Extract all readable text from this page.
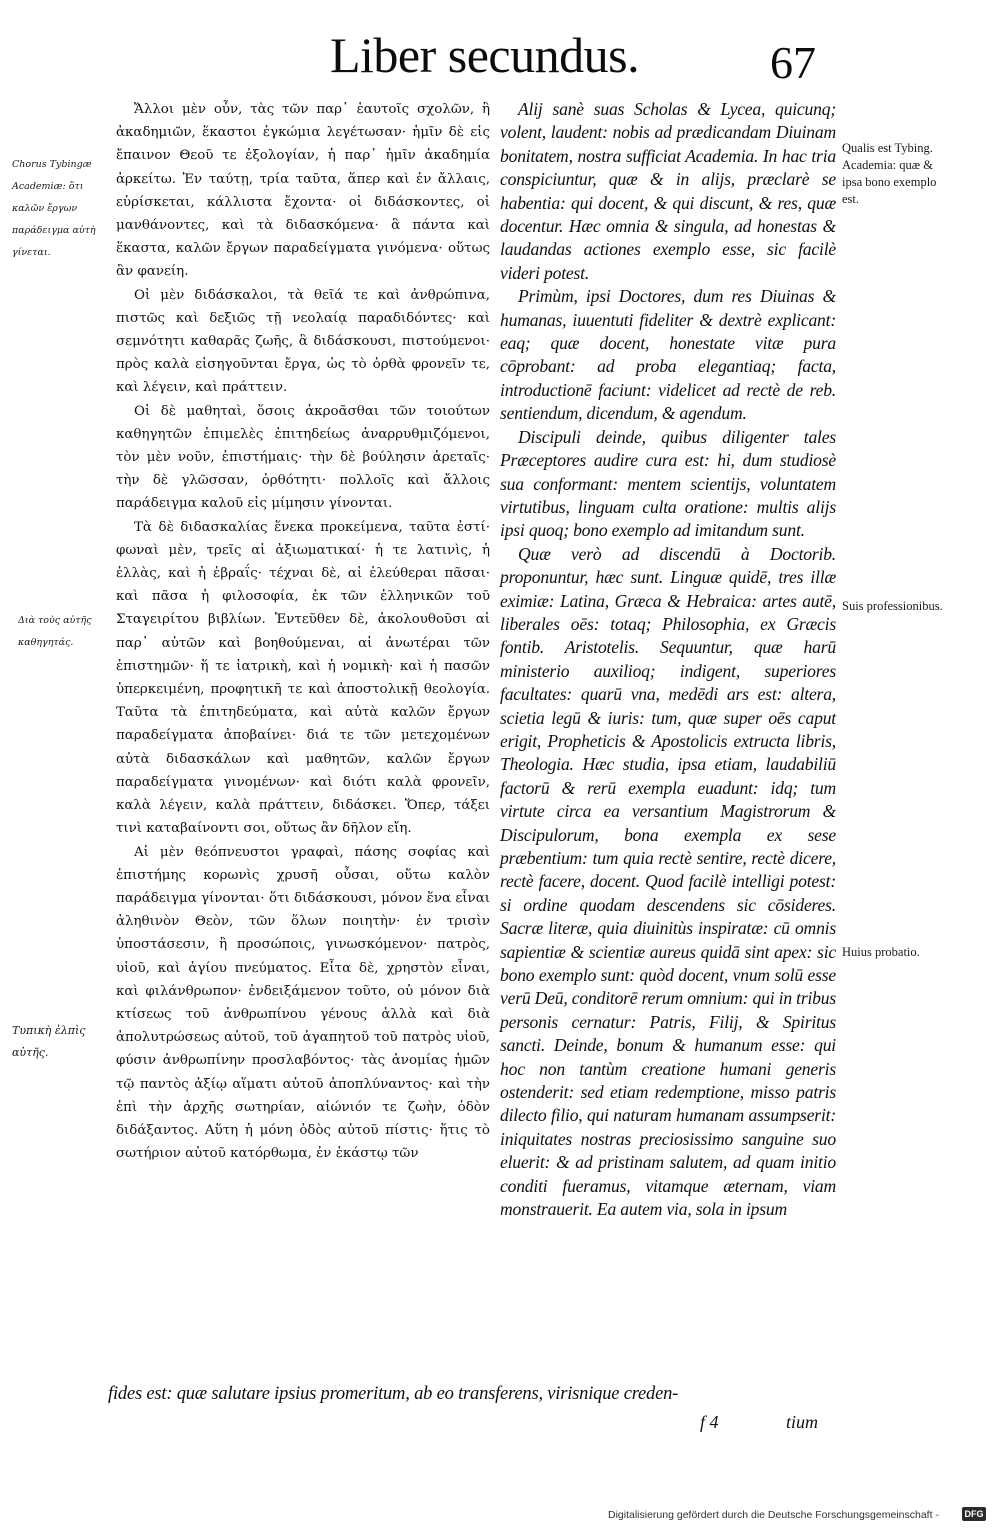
Liber secundus.	67

Ἄλλοι μὲν οὖν, τὰς τῶν παρ᾽ ἑαυτοῖς σχολῶν, ἢ ἀκαδημιῶν, ἕκαστοι ἐγκώμια λεγέτωσαν· ἡμῖν δὲ εἰς ἔπαινον Θεοῦ τε ἐξολογίαν, ἡ παρ᾽ ἡμῖν ἀκαδημία ἀρκείτω. Ἐν ταύτῃ, τρία ταῦτα, ἅπερ καὶ ἐν ἄλλαις, εὑρίσκεται, κάλλιστα ἔχοντα· οἱ διδάσκοντες, οἱ μανθάνοντες, καὶ τὰ διδασκόμενα· ἃ πάντα καὶ ἕκαστα, καλῶν ἔργων παραδείγματα γινόμενα· οὕτως ἂν φανείη.

Οἱ μὲν διδάσκαλοι, τὰ θεῖά τε καὶ ἀνθρώπινα, πιστῶς καὶ δεξιῶς τῇ νεολαίᾳ παραδιδόντες· καὶ σεμνότητι καθαρᾶς ζωῆς, ἃ διδάσκουσι, πιστούμενοι· πρὸς καλὰ εἰσηγοῦνται ἔργα, ὡς τὸ ὀρθὰ φρονεῖν τε, καὶ λέγειν, καὶ πράττειν.

Οἱ δὲ μαθηταὶ, ὅσοις ἀκροᾶσθαι τῶν τοιούτων καθηγητῶν ἐπιμελὲς ἐπιτηδείως ἀναρρυθμιζόμενοι, τὸν μὲν νοῦν, ἐπιστήμαις· τὴν δὲ βούλησιν ἀρεταῖς· τὴν δὲ γλῶσσαν, ὀρθότητι· πολλοῖς καὶ ἄλλοις παράδειγμα καλοῦ εἰς μίμησιν γίνονται.

Τὰ δὲ διδασκαλίας ἕνεκα προκείμενα, ταῦτα ἐστί· φωναὶ μὲν, τρεῖς αἱ ἀξιωματικαί· ἡ τε λατινὶς, ἡ ἑλλὰς, καὶ ἡ ἑβραΐς· τέχναι δὲ, αἱ ἐλεύθεραι πᾶσαι· καὶ πᾶσα ἡ φιλοσοφία, ἐκ τῶν ἑλληνικῶν τοῦ Σταγειρίτου βιβλίων. Ἐντεῦθεν δὲ, ἀκολουθοῦσι αἱ παρ᾽ αὐτῶν καὶ βοηθούμεναι, αἱ ἀνωτέραι τῶν ἐπιστημῶν· ἥ τε ἰατρικὴ, καὶ ἡ νομικὴ· καὶ ἡ πασῶν ὑπερκειμένη, προφητικῆ τε καὶ ἀποστολικῇ θεολογία. Ταῦτα τὰ ἐπιτηδεύματα, καὶ αὐτὰ καλῶν ἔργων παραδείγματα ἀποβαίνει· διά τε τῶν μετεχομένων αὐτὰ διδασκάλων καὶ μαθητῶν, καλῶν ἔργων παραδείγματα γινομένων· καὶ διότι καλὰ φρονεῖν, καλὰ λέγειν, καλὰ πράττειν, διδάσκει. Ὅπερ, τάξει τινὶ καταβαίνοντι σοι, οὕτως ἂν δῆλον εἴη.

Αἱ μὲν θεόπνευστοι γραφαὶ, πάσης σοφίας καὶ ἐπιστήμης κορωνὶς χρυσῆ οὖσαι, οὕτω καλὸν παράδειγμα γίνονται· ὅτι διδάσκουσι, μόνον ἕνα εἶναι ἀληθινὸν Θεὸν, τῶν ὅλων ποιητὴν· ἐν τρισὶν ὑποστάσεσιν, ἢ προσώποις, γινωσκόμενον· πατρὸς, υἱοῦ, καὶ ἁγίου πνεύματος. Εἶτα δὲ, χρηστὸν εἶναι, καὶ φιλάνθρωπον· ἐνδειξάμενον τοῦτο, οὐ μόνον διὰ κτίσεως τοῦ ἀνθρωπίνου γένους ἀλλὰ καὶ διὰ ἀπολυτρώσεως αὐτοῦ, τοῦ ἀγαπητοῦ τοῦ πατρὸς υἱοῦ, φύσιν ἀνθρωπίνην προσλαβόντος· τὰς ἀνομίας ἡμῶν τῷ παντὸς ἀξίῳ αἵματι αὐτοῦ ἀποπλύναντος· καὶ τὴν ἐπὶ τὴν ἀρχῆς σωτηρίαν, αἰώνιόν τε ζωὴν, ὁδὸν διδάξαντος. Αὕτη ἡ μόνη ὁδὸς αὐτοῦ πίστις· ἥτις τὸ σωτήριον αὐτοῦ κατόρθωμα, ἐν ἑκάστῳ τῶν

Alij sanè suas Scholas & Lycea, quicunq; volent, laudent: nobis ad prædicandam Diuinam bonitatem, nostra sufficiat Academia. In hac tria conspiciuntur, quæ & in alijs, præclarè se habentia: qui docent, & qui discunt, & res, quæ docentur. Hæc omnia & singula, ad honestas & laudandas actiones exemplo esse, sic facilè videri potest.

Primùm, ipsi Doctores, dum res Diuinas & humanas, iuuentuti fideliter & dextrè explicant: eaq; quæ docent, honestate vitæ pura cōprobant: ad proba elegantiaq; facta, introductionē faciunt: videlicet ad rectè de reb. sentiendum, dicendum, & agendum.

Discipuli deinde, quibus diligenter tales Præceptores audire cura est: hi, dum studiosè sua conformant: mentem scientijs, voluntatem virtutibus, linguam culta oratione: multis alijs ipsi quoq; bono exemplo ad imitandum sunt.

Quæ verò ad discendū à Doctorib. proponuntur, hæc sunt. Linguæ quidē, tres illæ eximiæ: Latina, Græca & Hebraica: artes autē, liberales oēs: totaq; Philosophia, ex Græcis fontib. Aristotelis. Sequuntur, quæ harū ministerio auxilioq; indigent, superiores facultates: quarū vna, medēdi ars est: altera, scietia legū & iuris: tum, quæ super oēs caput erigit, Propheticis & Apostolicis extructa libris, Theologia. Hæc studia, ipsa etiam, laudabiliū factorū & rerū exempla euadunt: idq; tum virtute circa ea versantium Magistrorum & Discipulorum, bona exempla ex sese præbentium: tum quia rectè sentire, rectè dicere, rectè facere, docent. Quod facilè intelligi potest: si ordine quodam descendens sic cōsideres. Sacræ literæ, quia diuinitùs inspiratæ: cū omnis sapientiæ & scientiæ aureus quidā sint apex: sic bono exemplo sunt: quòd docent, vnum solū esse verū Deū, conditorē rerum omnium: qui in tribus personis cernatur: Patris, Filij, & Spiritus sancti. Deinde, bonum & humanum esse: qui hoc non tantùm creatione humani generis ostenderit: sed etiam redemptione, misso patris dilecto filio, qui naturam humanam assumpserit: iniquitates nostras preciosissimo sanguine suo eluerit: & ad pristinam salutem, ad quam initio conditi fueramus, vitamque æternam, viam monstrauerit. Ea autem via, sola in ipsum

fides est: quæ salutare ipsius promeritum, ab eo transferens, virisnique creden-
f 4	tium
Chorus Tybingæ Academiæ: ὅτι καλῶν ἔργων παράδειγμα αὐτὴ γίνεται.
Διὰ τοὺς αὐτῆς καθηγητάς.
Τυπικὴ ἐλπὶς αὐτῆς.
Qualis est Tybing. Academia: quæ & ipsa bono exemplo est.
Suis professionibus.
Huius probatio.
Digitalisierung gefördert durch die Deutsche Forschungsgemeinschaft -	DFG
